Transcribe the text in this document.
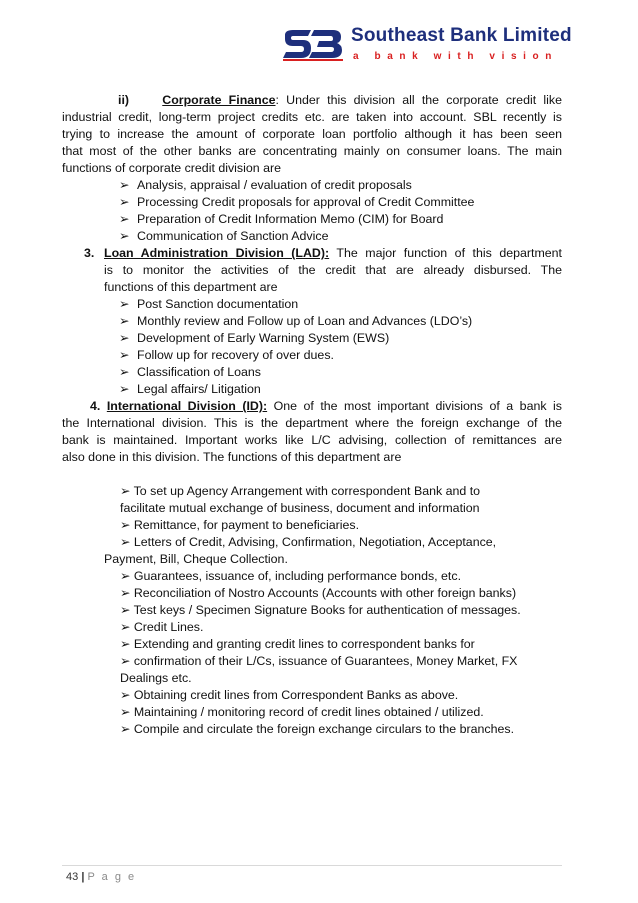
Southeast Bank Limited
a bank with vision

ii)	Corporate Finance: Under this division all the corporate credit like

industrial credit, long-term project credits etc. are taken into account. SBL recently is

trying to increase the amount of corporate loan portfolio although it has been seen

that most of the other banks are concentrating mainly on consumer loans. The main

functions of corporate credit division are

➢ Analysis, appraisal / evaluation of credit proposals
➢ Processing Credit proposals for approval of Credit Committee
➢ Preparation of Credit Information Memo (CIM) for Board
➢ Communication of Sanction Advice
3. Loan Administration Division (LAD): The major function of this department

is to monitor the activities of the credit that are already disbursed. The

functions of this department are

➢ Post Sanction documentation
➢ Monthly review and Follow up of Loan and Advances (LDO’s)
➢ Development of Early Warning System (EWS)
➢ Follow up for recovery of over dues.
➢ Classification of Loans
➢ Legal affairs/ Litigation

4. International Division (ID): One of the most important divisions of a bank is

the International division. This is the department where the foreign exchange of the

bank is maintained. Important works like L/C advising, collection of remittances are

also done in this division. The functions of this department are

➢ To set up Agency Arrangement with correspondent Bank and to
facilitate mutual exchange of business, document and information
➢ Remittance, for payment to beneficiaries.
➢ Letters of Credit, Advising, Confirmation, Negotiation, Acceptance,
Payment, Bill, Cheque Collection.
➢ Guarantees, issuance of, including performance bonds, etc.
➢ Reconciliation of Nostro Accounts (Accounts with other foreign banks)
➢ Test keys / Specimen Signature Books for authentication of messages.
➢ Credit Lines.
➢ Extending and granting credit lines to correspondent banks for
➢ confirmation of their L/Cs, issuance of Guarantees, Money Market, FX
Dealings etc.
➢ Obtaining credit lines from Correspondent Banks as above.
➢ Maintaining / monitoring record of credit lines obtained / utilized.
➢ Compile and circulate the foreign exchange circulars to the branches.
43 | P a g e
